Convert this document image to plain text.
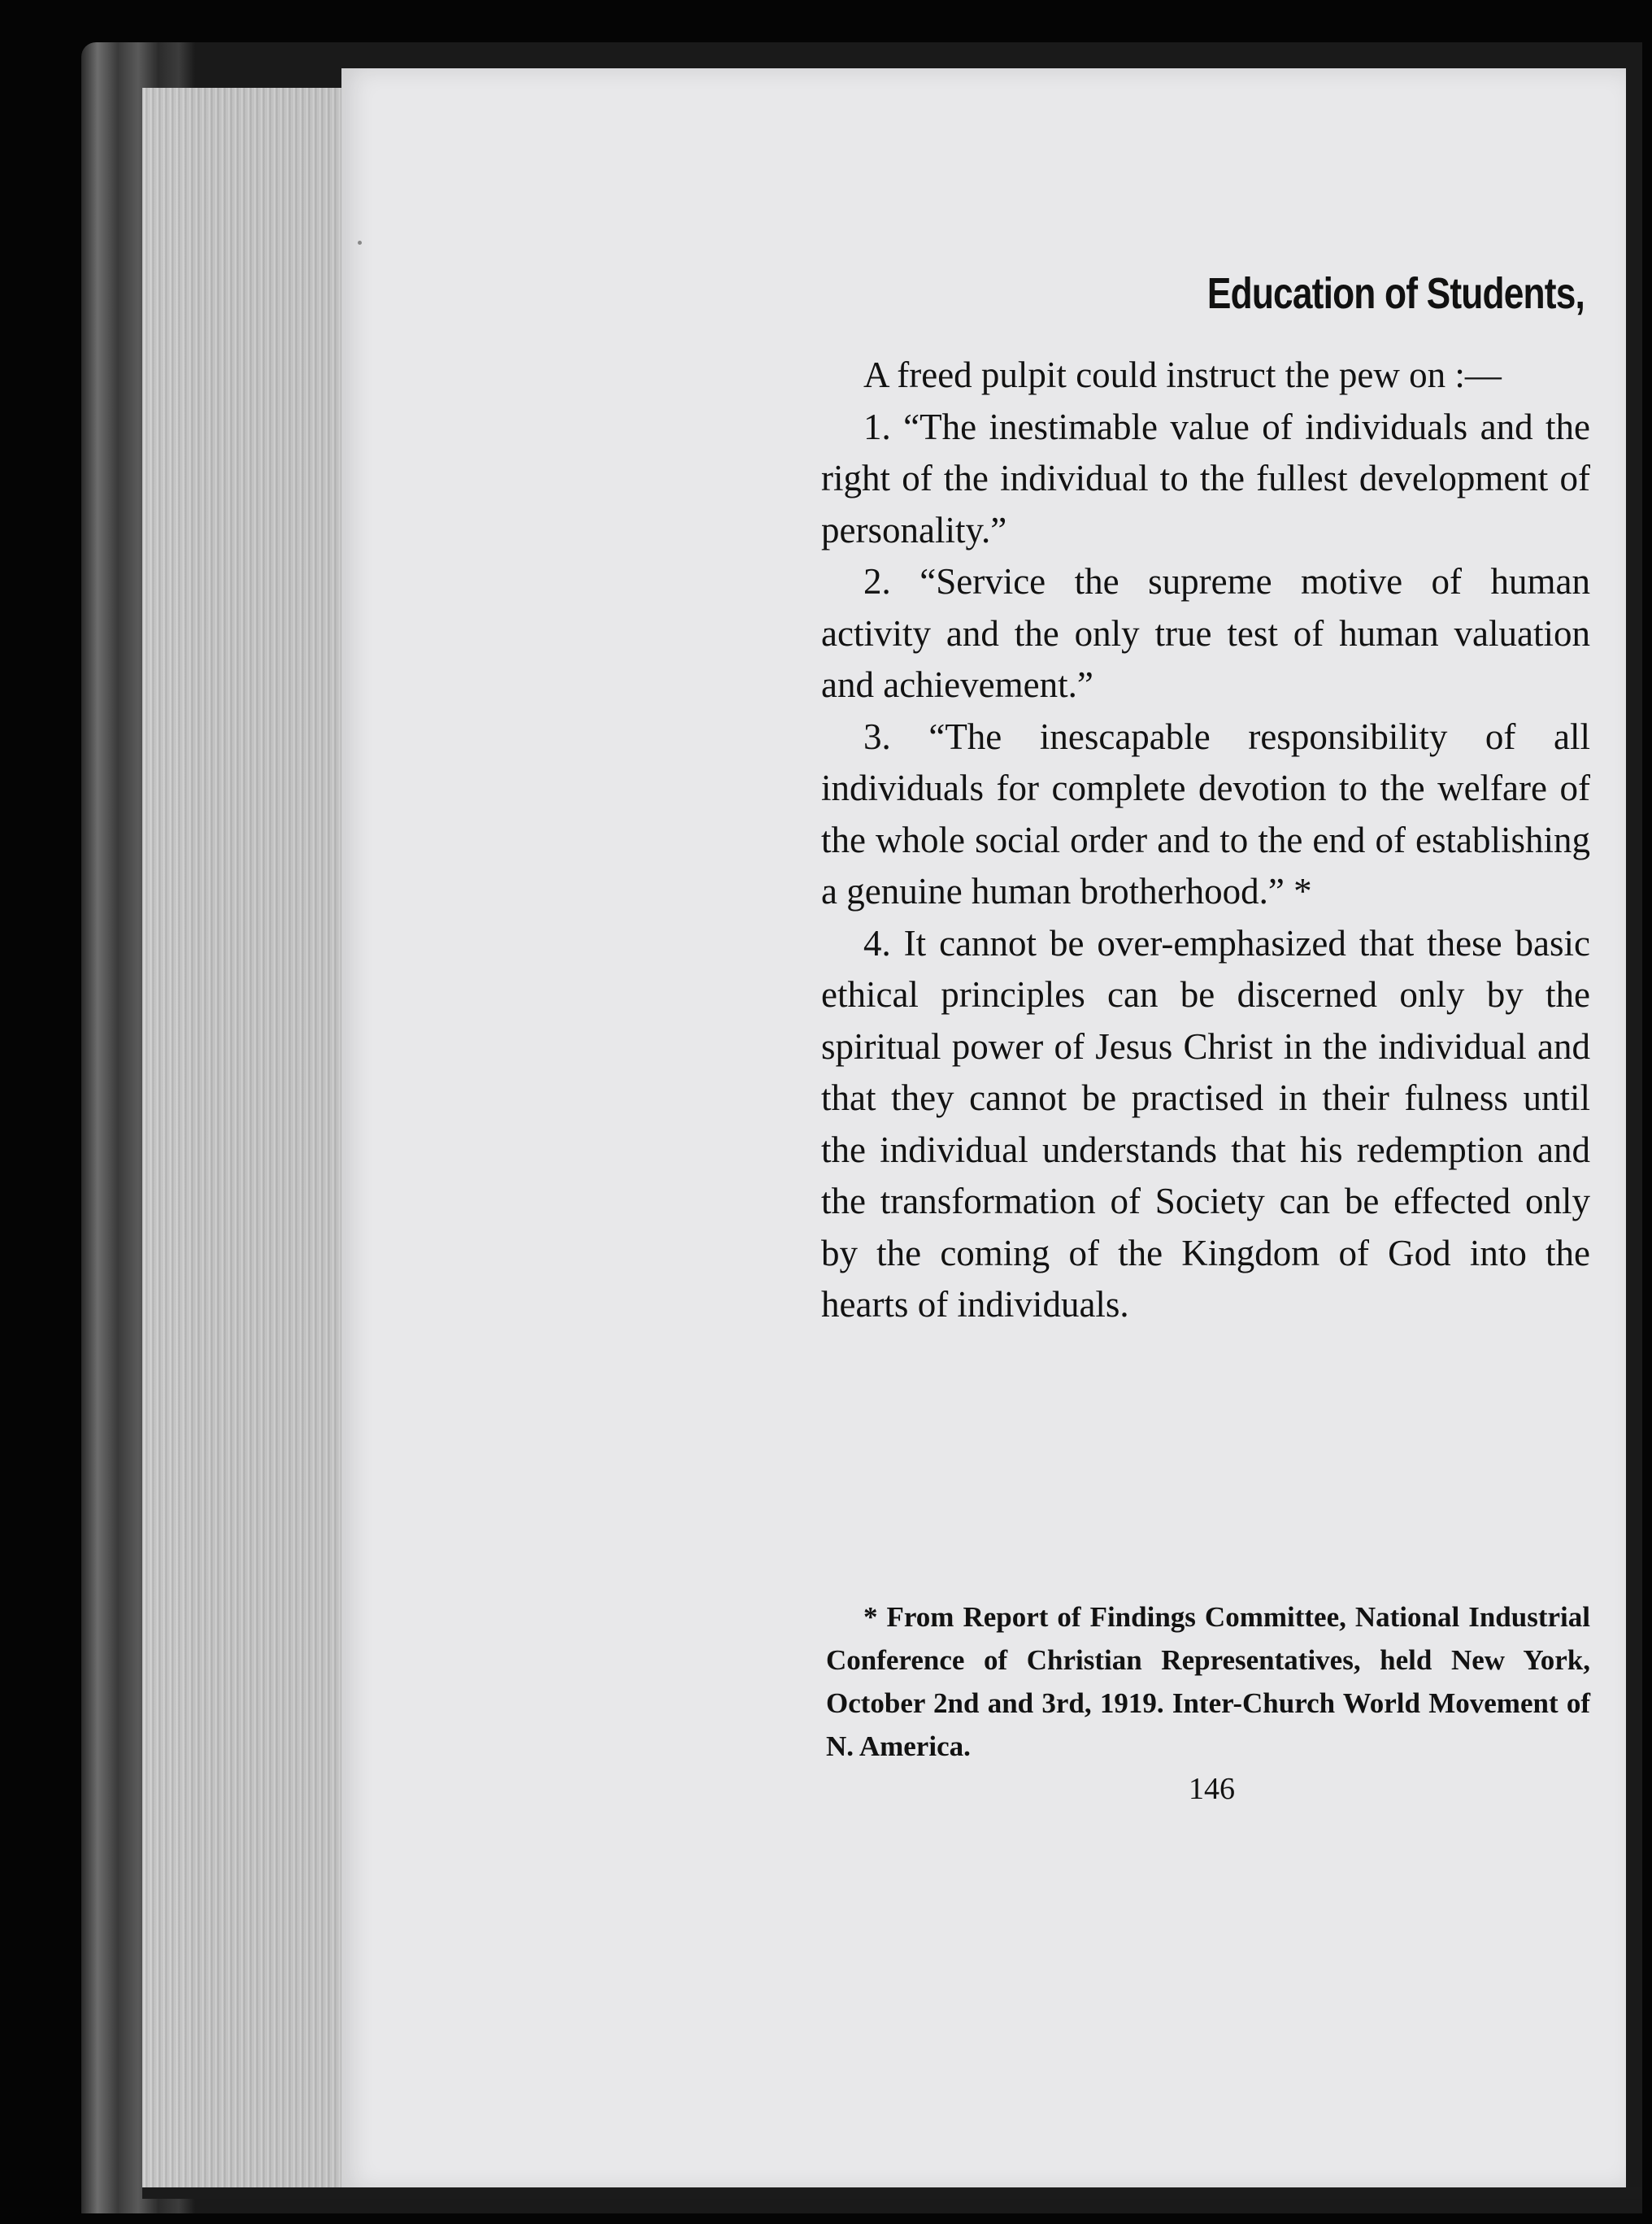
Education of Students,

A freed pulpit could instruct the pew on :—

1. “The inestimable value of individuals and the right of the individual to the fullest development of personality.”

2. “Service the supreme motive of human activity and the only true test of human valuation and achievement.”

3. “The inescapable responsibility of all individuals for complete devotion to the welfare of the whole social order and to the end of establishing a genuine human brotherhood.” *

4. It cannot be over-emphasized that these basic ethical principles can be discerned only by the spiritual power of Jesus Christ in the individual and that they cannot be practised in their fulness until the individual understands that his redemption and the transformation of Society can be effected only by the coming of the Kingdom of God into the hearts of individuals.

* From Report of Findings Committee, National Industrial Conference of Christian Representatives, held New York, October 2nd and 3rd, 1919. Inter-Church World Movement of N. America.

146
